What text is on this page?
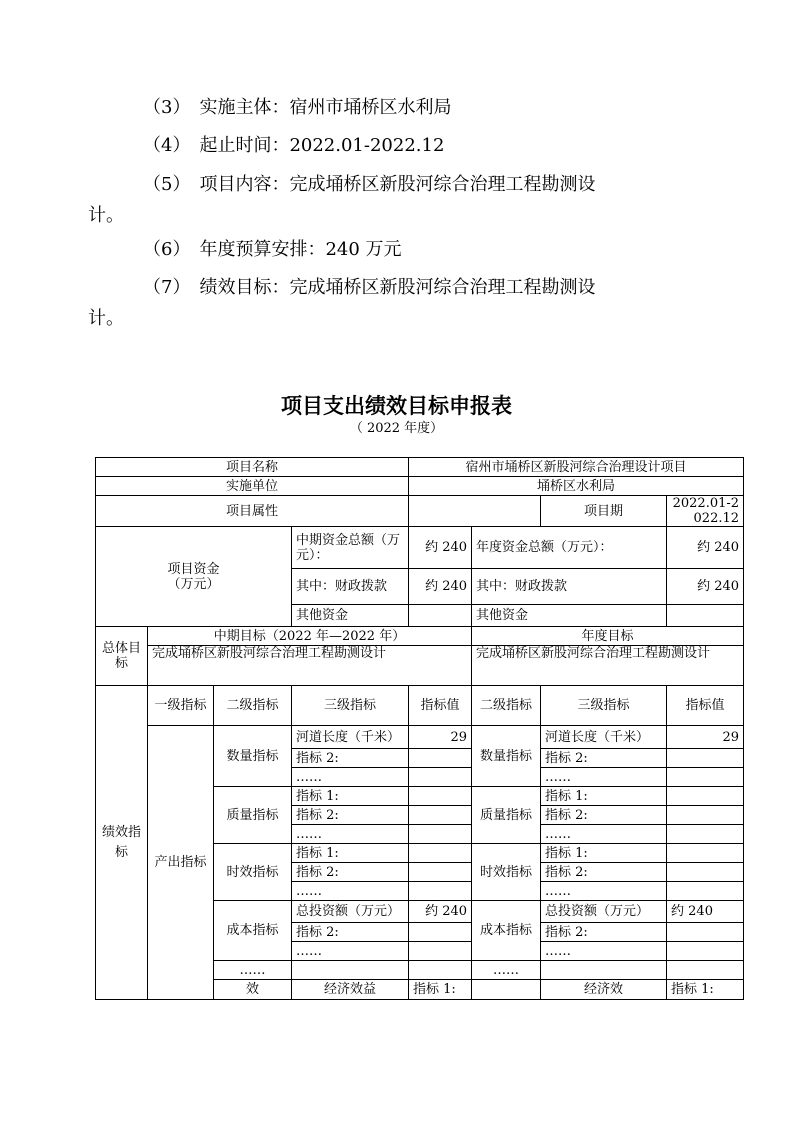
（3）　实施主体：宿州市埇桥区水利局
（4）　起止时间：2022.01-2022.12
（5）　项目内容：完成埇桥区新股河综合治理工程勘测设
计。
（6）　年度预算安排：240 万元
（7）　绩效目标：完成埇桥区新股河综合治理工程勘测设
计。
项目支出绩效目标申报表
（ 2022 年度）
项目名称				宿州市埇桥区新股河综合治理设计项目				
实施单位				埇桥区水利局				
项目属性						项目期	2022.01-2022.12	

项目资金
（万元）			中期资金总额（万元）：	约 240	年度资金总额（万元）：		约 240	
			其中：财政拨款	约 240	其中：财政拨款		约 240	
			其他资金		其他资金			
总体目标	中期目标（2022 年—2022 年）				年度目标			
	完成埇桥区新股河综合治理工程勘测设计				完成埇桥区新股河综合治理工程勘测设计			
绩效指标	一级指标	二级指标	三级指标	指标值	二级指标	三级指标	指标值	
	产出指标	数量指标	河道长度（千米）	29	数量指标	河道长度（千米）	29	
			指标 2:			指标 2:		
			……			……		
		质量指标	指标 1:		质量指标	指标 1:		
			指标 2:			指标 2:		
			……			……		
		时效指标	指标 1:		时效指标	指标 1:		
			指标 2:			指标 2:		
			……			……		
		成本指标	总投资额（万元）	约 240	成本指标	总投资额（万元）	约 240	
			指标 2:			指标 2:		
			……			……		
		……			……			
		效	经济效益	指标 1:		经济效	指标 1:	
